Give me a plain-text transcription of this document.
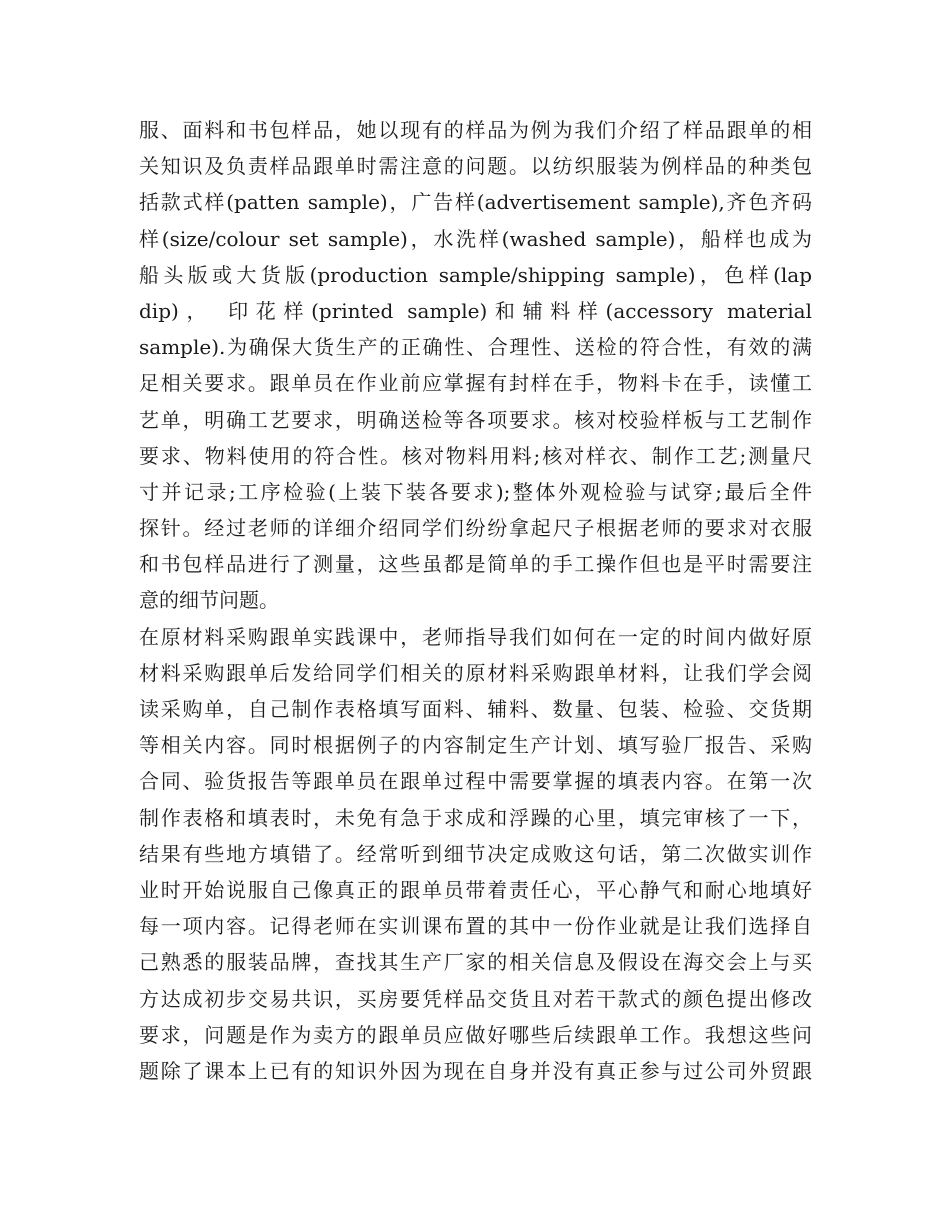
服、面料和书包样品，她以现有的样品为例为我们介绍了样品跟单的相
关知识及负责样品跟单时需注意的问题。以纺织服装为例样品的种类包
括款式样(patten sample)，广告样(advertisement sample),齐色齐码
样(size/colour set sample)，水洗样(washed sample)，船样也成为
船头版或大货版(production sample/shipping sample)，色样(lap
dip)， 印花样(printed sample)和辅料样(accessory material
sample).为确保大货生产的正确性、合理性、送检的符合性，有效的满
足相关要求。跟单员在作业前应掌握有封样在手，物料卡在手，读懂工
艺单，明确工艺要求，明确送检等各项要求。核对校验样板与工艺制作
要求、物料使用的符合性。核对物料用料;核对样衣、制作工艺;测量尺
寸并记录;工序检验(上装下装各要求);整体外观检验与试穿;最后全件
探针。经过老师的详细介绍同学们纷纷拿起尺子根据老师的要求对衣服
和书包样品进行了测量，这些虽都是简单的手工操作但也是平时需要注
意的细节问题。
在原材料采购跟单实践课中，老师指导我们如何在一定的时间内做好原
材料采购跟单后发给同学们相关的原材料采购跟单材料，让我们学会阅
读采购单，自己制作表格填写面料、辅料、数量、包装、检验、交货期
等相关内容。同时根据例子的内容制定生产计划、填写验厂报告、采购
合同、验货报告等跟单员在跟单过程中需要掌握的填表内容。在第一次
制作表格和填表时，未免有急于求成和浮躁的心里，填完审核了一下，
结果有些地方填错了。经常听到细节决定成败这句话，第二次做实训作
业时开始说服自己像真正的跟单员带着责任心，平心静气和耐心地填好
每一项内容。记得老师在实训课布置的其中一份作业就是让我们选择自
己熟悉的服装品牌，查找其生产厂家的相关信息及假设在海交会上与买
方达成初步交易共识，买房要凭样品交货且对若干款式的颜色提出修改
要求，问题是作为卖方的跟单员应做好哪些后续跟单工作。我想这些问
题除了课本上已有的知识外因为现在自身并没有真正参与过公司外贸跟
